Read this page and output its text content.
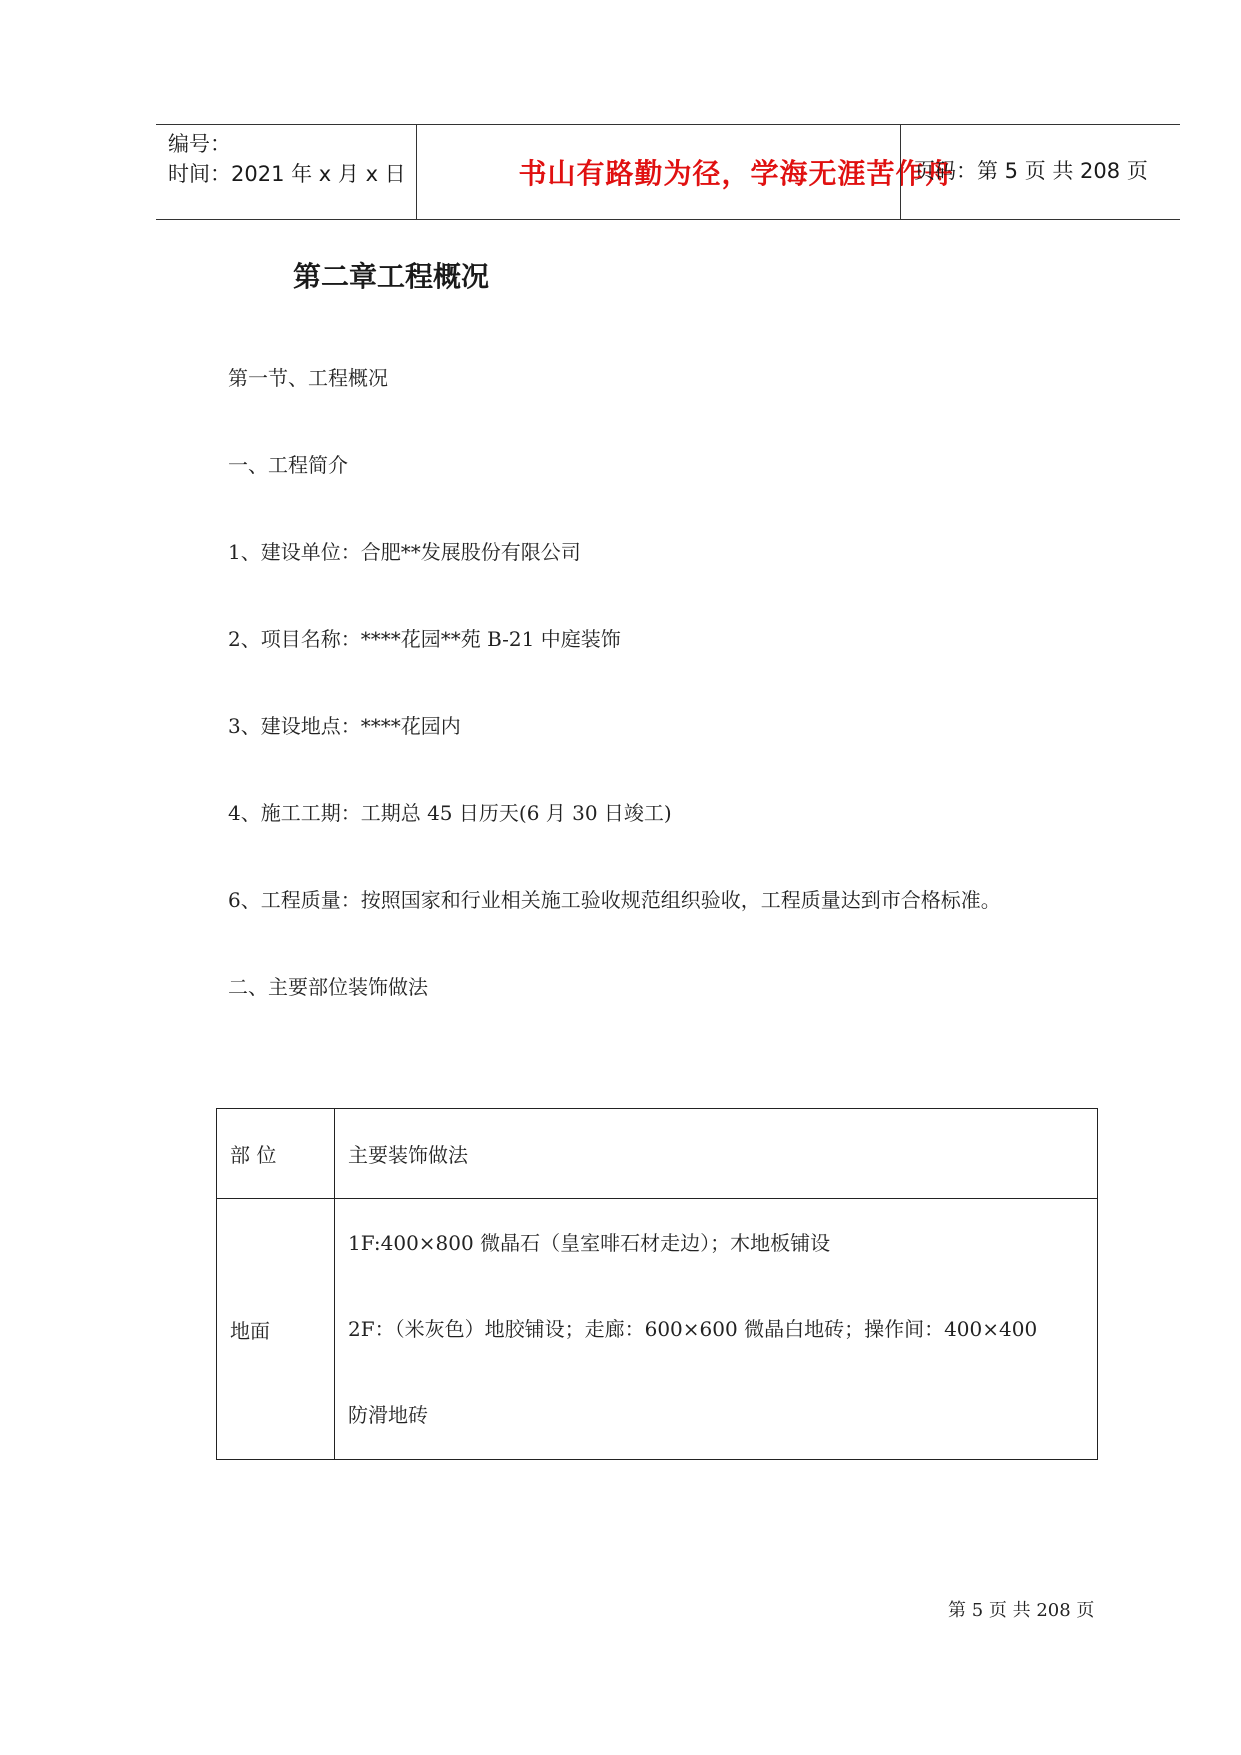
编号：
时间：2021 年 x 月 x 日	书山有路勤为径，学海无涯苦作舟
页码：第 5 页 共 208 页
第二章工程概况
第一节、工程概况
一、工程简介
1、建设单位：合肥**发展股份有限公司
2、项目名称：****花园**苑 B-21 中庭装饰
3、建设地点：****花园内
4、施工工期：工期总 45 日历天(6 月 30 日竣工)
6、工程质量：按照国家和行业相关施工验收规范组织验收，工程质量达到市合格标准。
二、主要部位装饰做法
部 位	主要装饰做法
地面	1F:400×800 微晶石（皇室啡石材走边）；木地板铺设

2F：（米灰色）地胶铺设；走廊：600×600 微晶白地砖；操作间：400×400

防滑地砖

第 5 页 共 208 页
